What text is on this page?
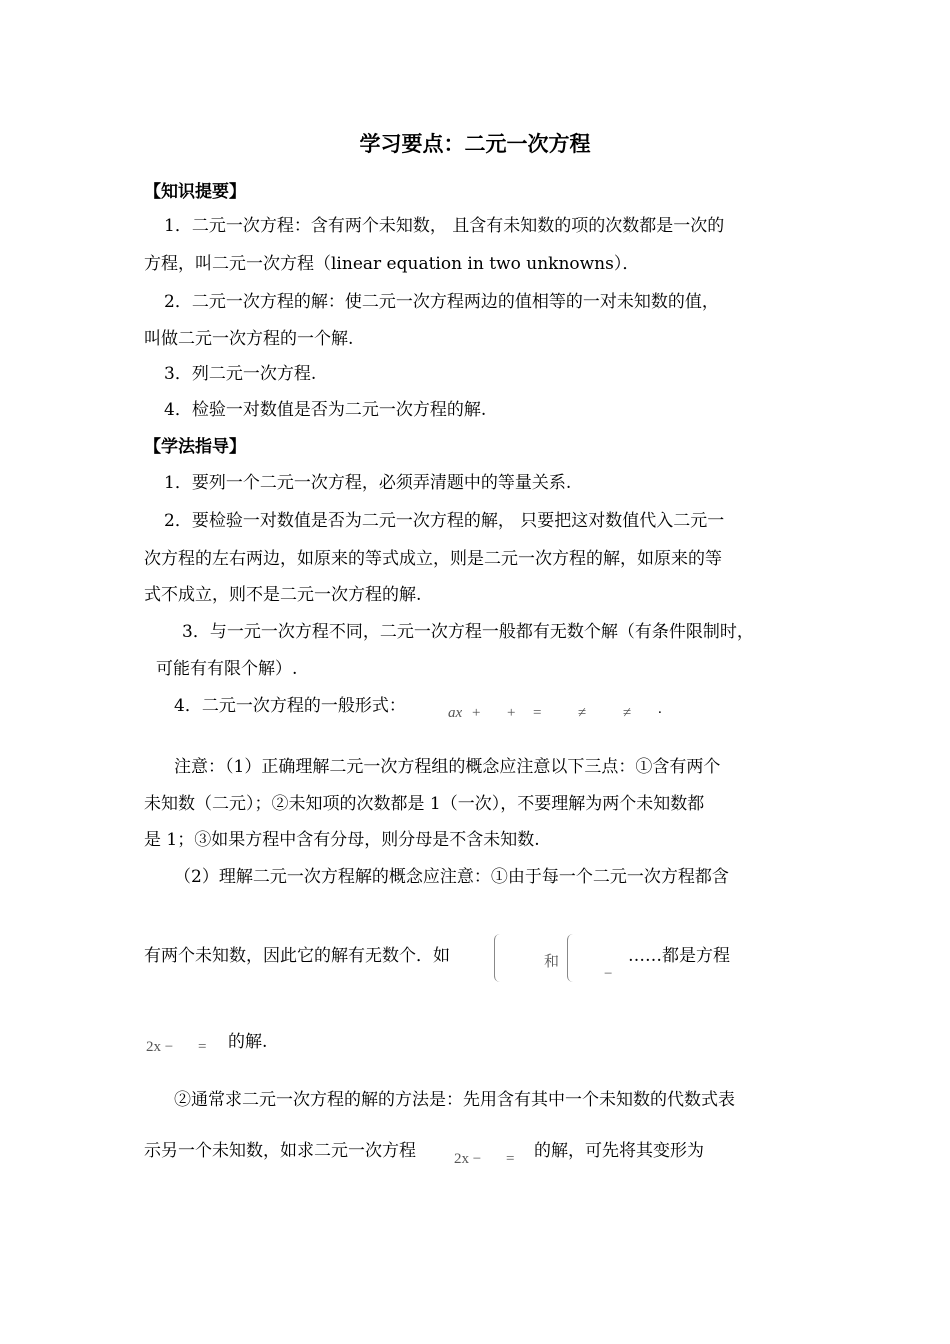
学习要点：二元一次方程
【知识提要】
1．二元一次方程：含有两个未知数， 且含有未知数的项的次数都是一次的
方程，叫二元一次方程（linear equation in two unknowns）．
2．二元一次方程的解：使二元一次方程两边的值相等的一对未知数的值，
叫做二元一次方程的一个解.
3．列二元一次方程.
4．检验一对数值是否为二元一次方程的解.
【学法指导】
1．要列一个二元一次方程，必须弄清题中的等量关系.
2．要检验一对数值是否为二元一次方程的解， 只要把这对数值代入二元一
次方程的左右两边，如原来的等式成立，则是二元一次方程的解，如原来的等
式不成立，则不是二元一次方程的解.
3．与一元一次方程不同，二元一次方程一般都有无数个解（有条件限制时，
可能有有限个解）.
4．二元一次方程的一般形式：	ax + + = ≠ ≠ .
注意：（1）正确理解二元一次方程组的概念应注意以下三点：①含有两个
未知数（二元）；②未知项的次数都是 1（一次），不要理解为两个未知数都
是 1；③如果方程中含有分母，则分母是不含未知数.
（2）理解二元一次方程解的概念应注意：①由于每一个二元一次方程都含
有两个未知数，因此它的解有无数个．如	和
−
……都是方程
2x − = 的解.
②通常求二元一次方程的解的方法是：先用含有其中一个未知数的代数式表
示另一个未知数，如求二元一次方程	2x − = 的解，可先将其变形为
